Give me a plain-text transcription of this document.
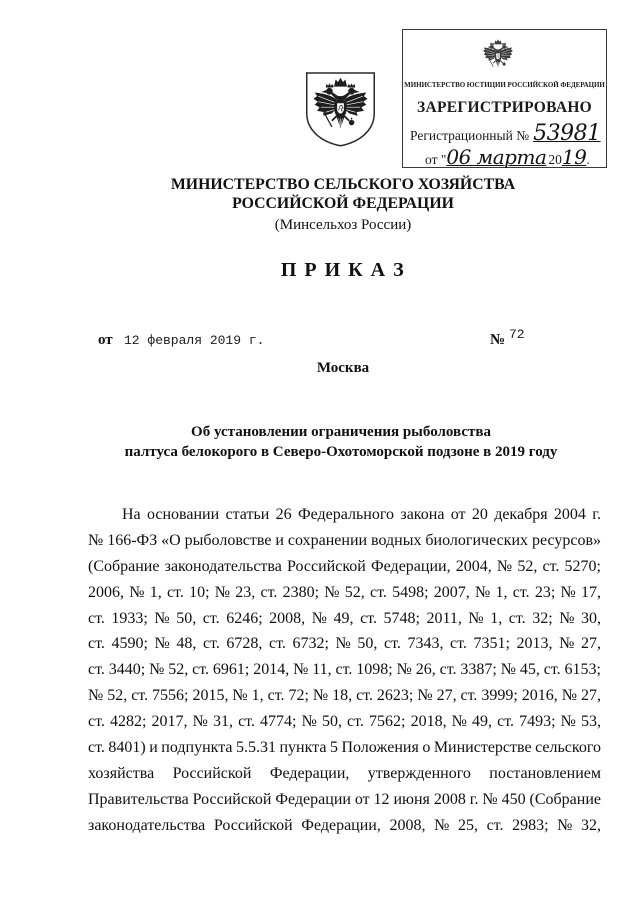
МИНИСТЕРСТВО ЮСТИЦИИ РОССИЙСКОЙ ФЕДЕРАЦИИ
ЗАРЕГИСТРИРОВАНО
Регистрационный № 53981
от " 06 марта 20 19 .
МИНИСТЕРСТВО СЕЛЬСКОГО ХОЗЯЙСТВА
РОССИЙСКОЙ ФЕДЕРАЦИИ
(Минсельхоз России)
П Р И К А З
от 12 февраля 2019 г.	№ 72
Москва
Об установлении ограничения рыболовства
палтуса белокорого в Северо-Охотоморской подзоне в 2019 году
На основании статьи 26 Федерального закона от 20 декабря 2004 г.
№ 166-ФЗ «О рыболовстве и сохранении водных биологических ресурсов»
(Собрание законодательства Российской Федерации, 2004, № 52, ст. 5270;
2006, № 1, ст. 10; № 23, ст. 2380; № 52, ст. 5498; 2007, № 1, ст. 23; № 17,
ст. 1933; № 50, ст. 6246; 2008, № 49, ст. 5748; 2011, № 1, ст. 32; № 30,
ст. 4590; № 48, ст. 6728, ст. 6732; № 50, ст. 7343, ст. 7351; 2013, № 27,
ст. 3440; № 52, ст. 6961; 2014, № 11, ст. 1098; № 26, ст. 3387; № 45, ст. 6153;
№ 52, ст. 7556; 2015, № 1, ст. 72; № 18, ст. 2623; № 27, ст. 3999; 2016, № 27,
ст. 4282; 2017, № 31, ст. 4774; № 50, ст. 7562; 2018, № 49, ст. 7493; № 53,
ст. 8401) и подпункта 5.5.31 пункта 5 Положения о Министерстве сельского
хозяйства Российской Федерации, утвержденного постановлением
Правительства Российской Федерации от 12 июня 2008 г. № 450 (Собрание
законодательства Российской Федерации, 2008, № 25, ст. 2983; № 32,
